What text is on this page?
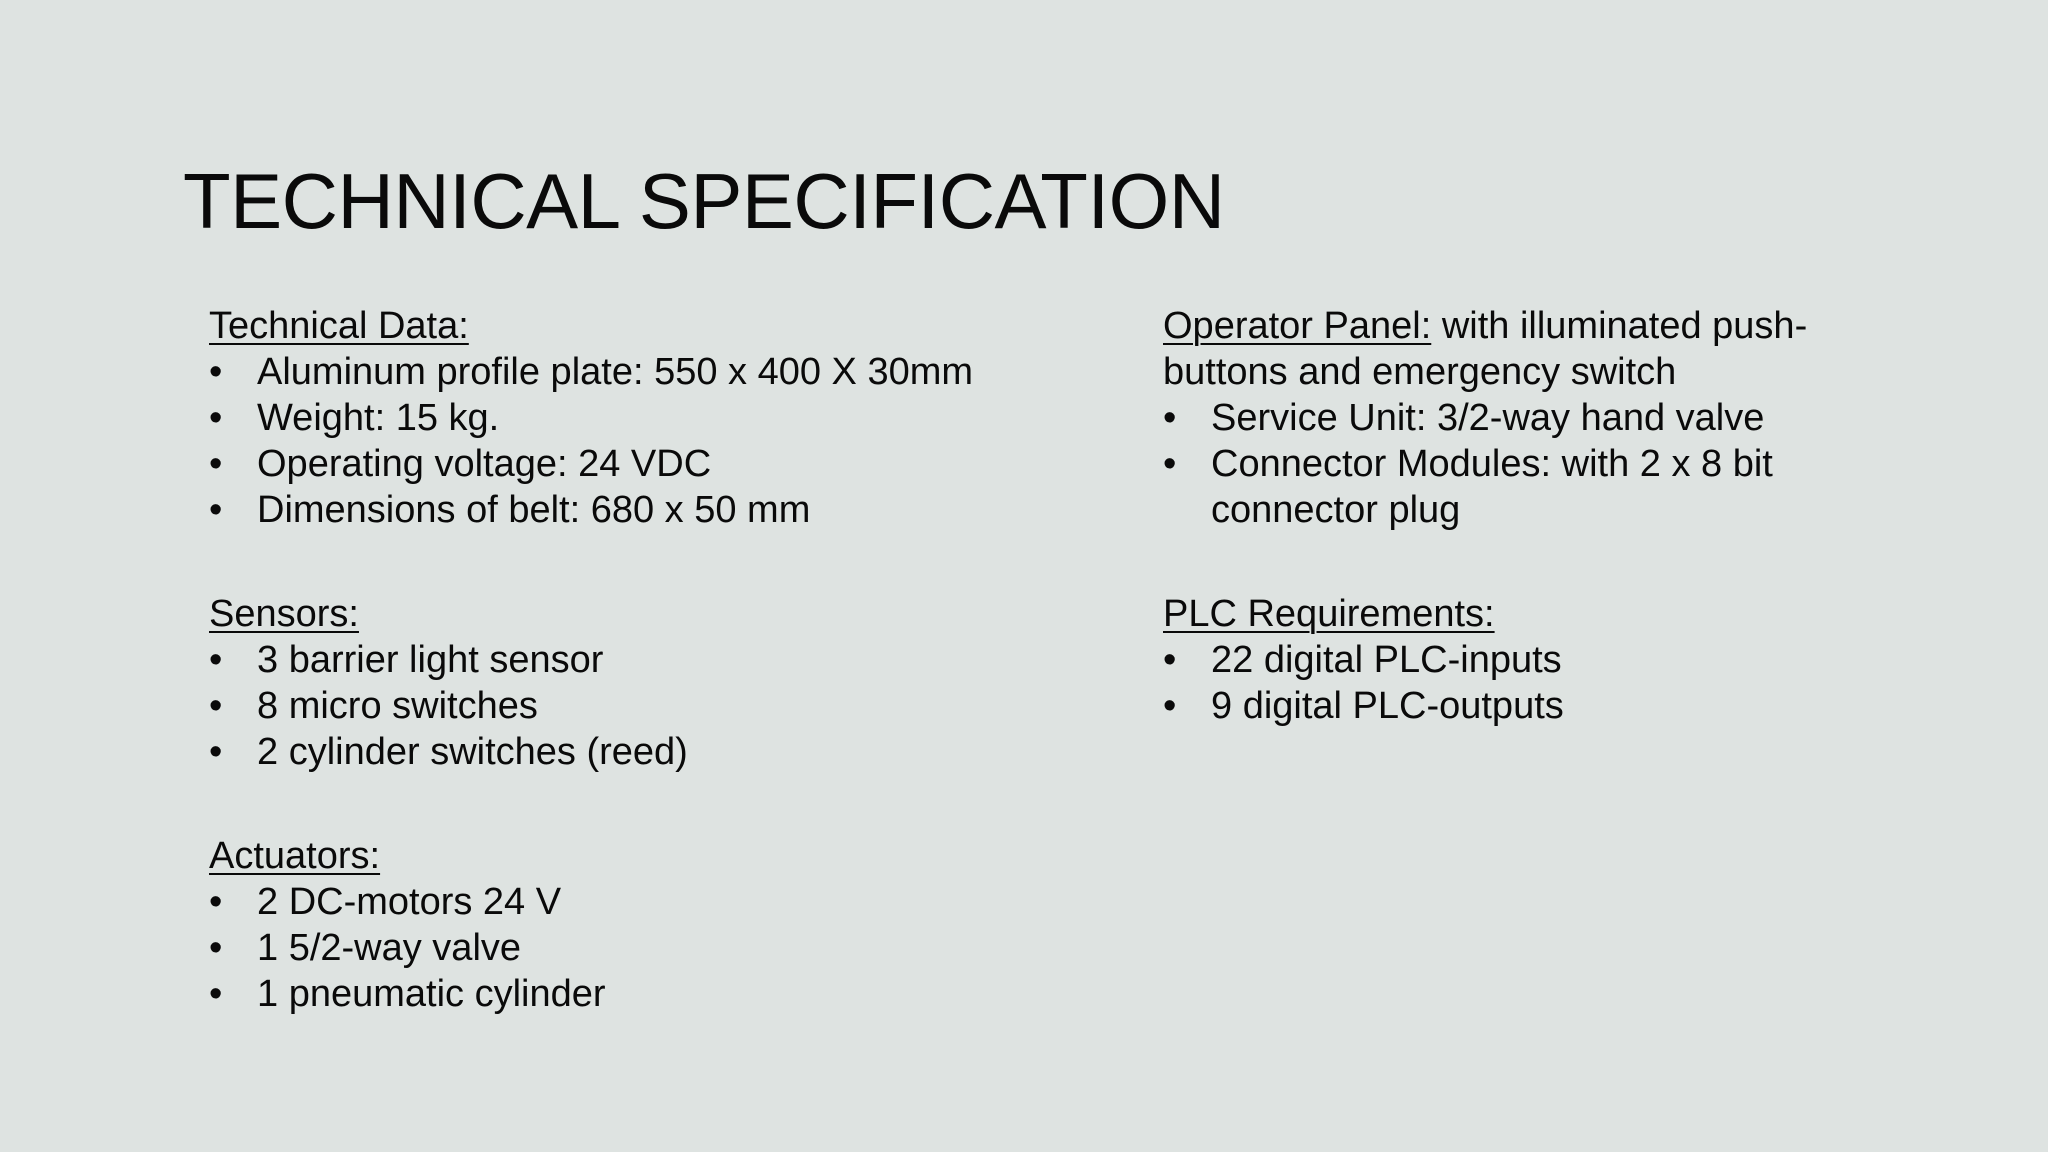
TECHNICAL SPECIFICATION
Technical Data:
• Aluminum profile plate: 550 x 400 X 30mm
• Weight: 15 kg.
• Operating voltage: 24 VDC
• Dimensions of belt: 680 x 50 mm
Sensors:
• 3 barrier light sensor
• 8 micro switches
• 2 cylinder switches (reed)
Actuators:
• 2 DC-motors 24 V
• 1 5/2-way valve
• 1 pneumatic cylinder
Operator Panel: with illuminated push-buttons and emergency switch
• Service Unit: 3/2-way hand valve
• Connector Modules: with 2 x 8 bit connector plug
PLC Requirements:
• 22 digital PLC-inputs
• 9 digital PLC-outputs
